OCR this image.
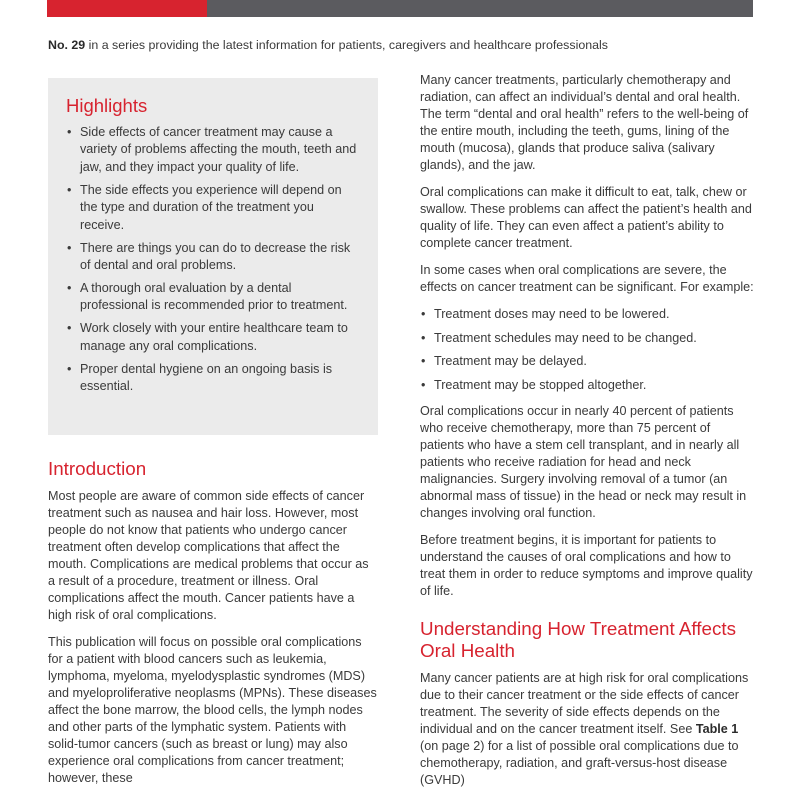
No. 29 in a series providing the latest information for patients, caregivers and healthcare professionals
Highlights
• Side effects of cancer treatment may cause a variety of problems affecting the mouth, teeth and jaw, and they impact your quality of life.
• The side effects you experience will depend on the type and duration of the treatment you receive.
• There are things you can do to decrease the risk of dental and oral problems.
• A thorough oral evaluation by a dental professional is recommended prior to treatment.
• Work closely with your entire healthcare team to manage any oral complications.
• Proper dental hygiene on an ongoing basis is essential.
Introduction

Most people are aware of common side effects of cancer treatment such as nausea and hair loss. However, most people do not know that patients who undergo cancer treatment often develop complications that affect the mouth. Complications are medical problems that occur as a result of a procedure, treatment or illness. Oral complications affect the mouth. Cancer patients have a high risk of oral complications.

This publication will focus on possible oral complications for a patient with blood cancers such as leukemia, lymphoma, myeloma, myelodysplastic syndromes (MDS) and myeloproliferative neoplasms (MPNs). These diseases affect the bone marrow, the blood cells, the lymph nodes and other parts of the lymphatic system. Patients with solid-tumor cancers (such as breast or lung) may also experience oral complications from cancer treatment; however, these

Many cancer treatments, particularly chemotherapy and radiation, can affect an individual’s dental and oral health. The term “dental and oral health” refers to the well-being of the entire mouth, including the teeth, gums, lining of the mouth (mucosa), glands that produce saliva (salivary glands), and the jaw.

Oral complications can make it difficult to eat, talk, chew or swallow. These problems can affect the patient’s health and quality of life. They can even affect a patient’s ability to complete cancer treatment.

In some cases when oral complications are severe, the effects on cancer treatment can be significant. For example:

• Treatment doses may need to be lowered.
• Treatment schedules may need to be changed.
• Treatment may be delayed.
• Treatment may be stopped altogether.

Oral complications occur in nearly 40 percent of patients who receive chemotherapy, more than 75 percent of patients who have a stem cell transplant, and in nearly all patients who receive radiation for head and neck malignancies. Surgery involving removal of a tumor (an abnormal mass of tissue) in the head or neck may result in changes involving oral function.

Before treatment begins, it is important for patients to understand the causes of oral complications and how to treat them in order to reduce symptoms and improve quality of life.

Understanding How Treatment Affects Oral Health

Many cancer patients are at high risk for oral complications due to their cancer treatment or the side effects of cancer treatment. The severity of side effects depends on the individual and on the cancer treatment itself. See Table 1 (on page 2) for a list of possible oral complications due to chemotherapy, radiation, and graft-versus-host disease (GVHD)
